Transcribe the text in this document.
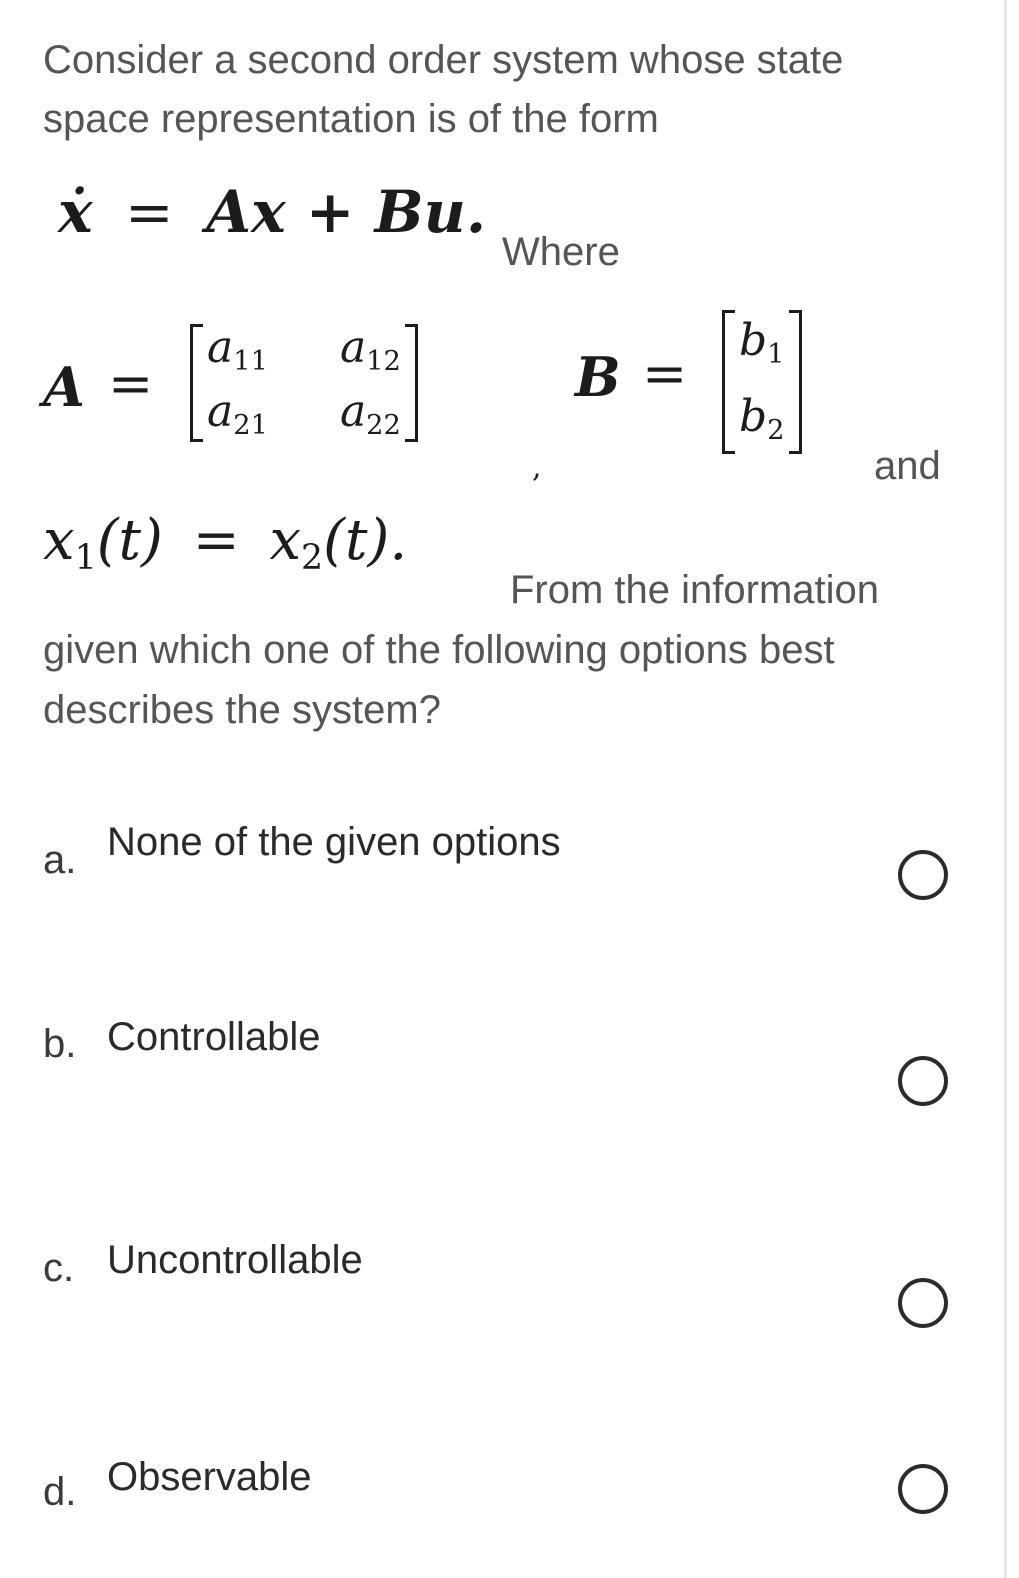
Consider a second order system whose state
space representation is of the form
ẋ = Ax + Bu.
Where
A =
a11 a12
a21 a22
,
B =
b1
b2
and
x1(t) = x2(t).
From the information
given which one of the following options best
describes the system?
a. None of the given options
b. Controllable
c. Uncontrollable
d. Observable
